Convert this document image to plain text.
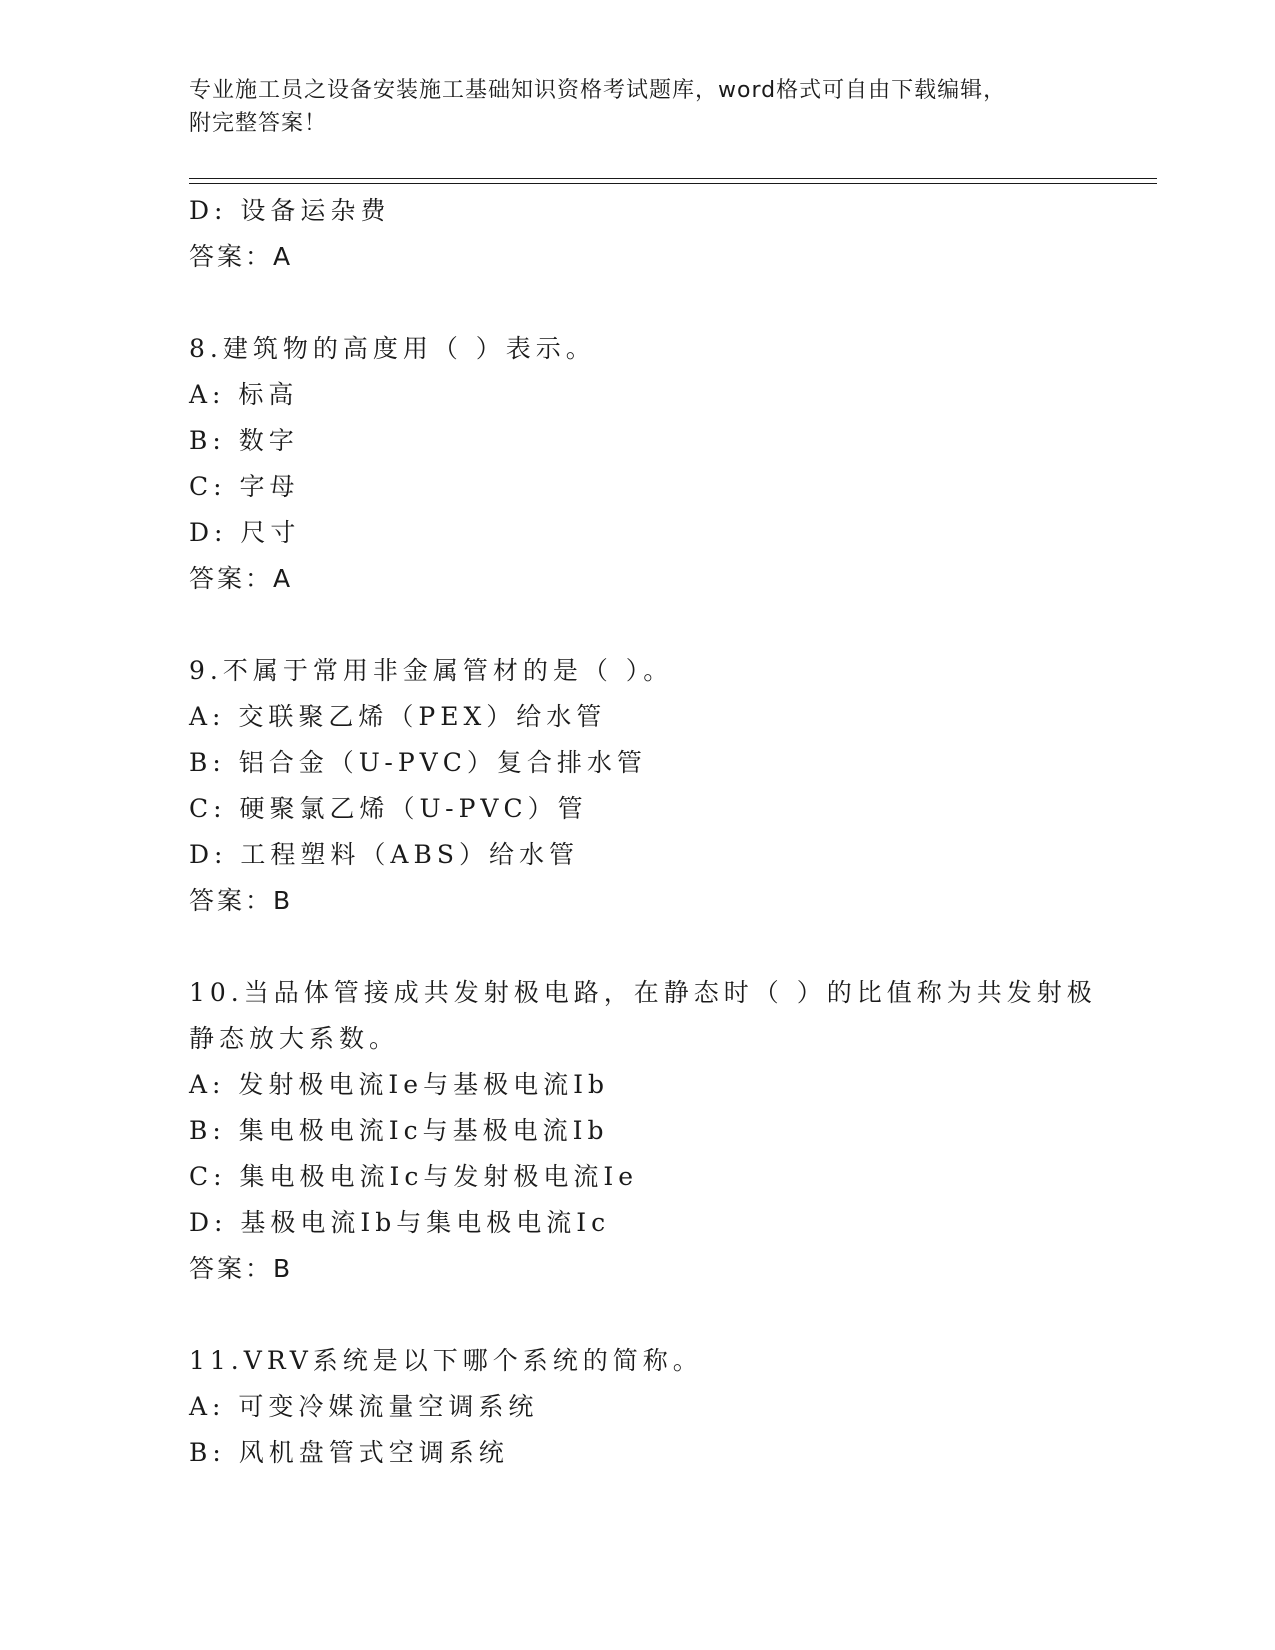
专业施工员之设备安装施工基础知识资格考试题库，word格式可自由下载编辑，
附完整答案！
D: 设备运杂费
答案：A
8.建筑物的高度用（ ）表示。
A: 标高
B: 数字
C: 字母
D: 尺寸
答案：A
9.不属于常用非金属管材的是（ ）。
A: 交联聚乙烯（PEX）给水管
B: 铝合金（U-PVC）复合排水管
C: 硬聚氯乙烯（U-PVC）管
D: 工程塑料（ABS）给水管
答案：B
10.当品体管接成共发射极电路，在静态时（ ）的比值称为共发射极
静态放大系数。
A: 发射极电流Ie与基极电流Ib
B: 集电极电流Ic与基极电流Ib
C: 集电极电流Ic与发射极电流Ie
D: 基极电流Ib与集电极电流Ic
答案：B
11.VRV系统是以下哪个系统的简称。
A: 可变冷媒流量空调系统
B: 风机盘管式空调系统
